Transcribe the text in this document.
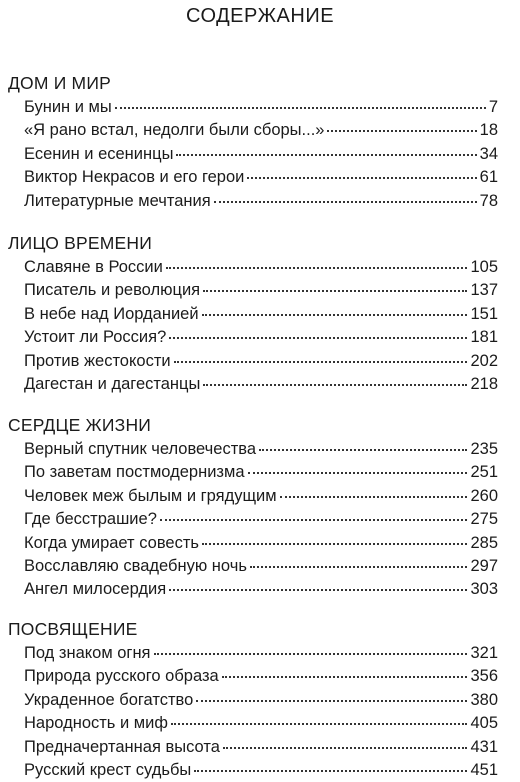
СОДЕРЖАНИЕ
ДОМ И МИР
Бунин и мы	7
«Я рано встал, недолги были сборы...»	18
Есенин и есенинцы	34
Виктор Некрасов и его герои	61
Литературные мечтания	78
ЛИЦО ВРЕМЕНИ
Славяне в России	105
Писатель и революция	137
В небе над Иорданией	151
Устоит ли Россия?	181
Против жестокости	202
Дагестан и дагестанцы	218
СЕРДЦЕ ЖИЗНИ
Верный спутник человечества	235
По заветам постмодернизма	251
Человек меж былым и грядущим	260
Где бесстрашие?	275
Когда умирает совесть	285
Восславляю свадебную ночь	297
Ангел милосердия	303
ПОСВЯЩЕНИЕ
Под знаком огня	321
Природа русского образа	356
Украденное богатство	380
Народность и миф	405
Предначертанная высота	431
Русский крест судьбы	451
